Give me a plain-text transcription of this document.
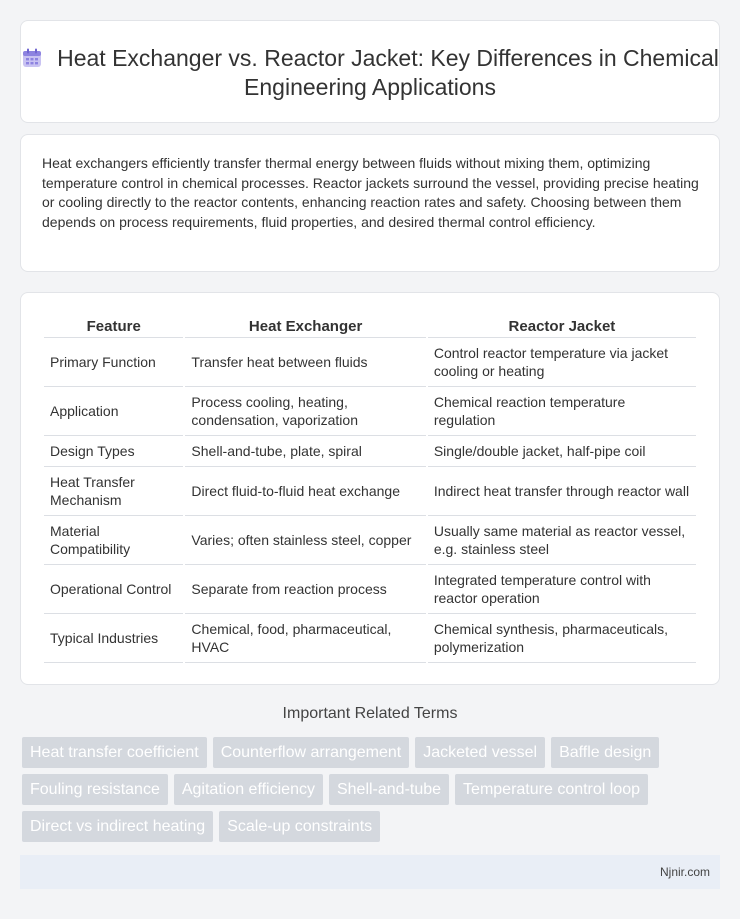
Heat Exchanger vs. Reactor Jacket: Key Differences in Chemical Engineering Applications

Heat exchangers efficiently transfer thermal energy between fluids without mixing them, optimizing temperature control in chemical processes. Reactor jackets surround the vessel, providing precise heating or cooling directly to the reactor contents, enhancing reaction rates and safety. Choosing between them depends on process requirements, fluid properties, and desired thermal control efficiency.

Feature	Heat Exchanger	Reactor Jacket
Primary Function	Transfer heat between fluids	Control reactor temperature via jacket cooling or heating
Application	Process cooling, heating, condensation, vaporization	Chemical reaction temperature regulation
Design Types	Shell-and-tube, plate, spiral	Single/double jacket, half-pipe coil
Heat Transfer Mechanism	Direct fluid-to-fluid heat exchange	Indirect heat transfer through reactor wall
Material Compatibility	Varies; often stainless steel, copper	Usually same material as reactor vessel, e.g. stainless steel
Operational Control	Separate from reaction process	Integrated temperature control with reactor operation
Typical Industries	Chemical, food, pharmaceutical, HVAC	Chemical synthesis, pharmaceuticals, polymerization
Important Related Terms
Heat transfer coefficient	Counterflow arrangement	Jacketed vessel	Baffle design
Fouling resistance	Agitation efficiency	Shell-and-tube	Temperature control loop
Direct vs indirect heating	Scale-up constraints
Njnir.com
